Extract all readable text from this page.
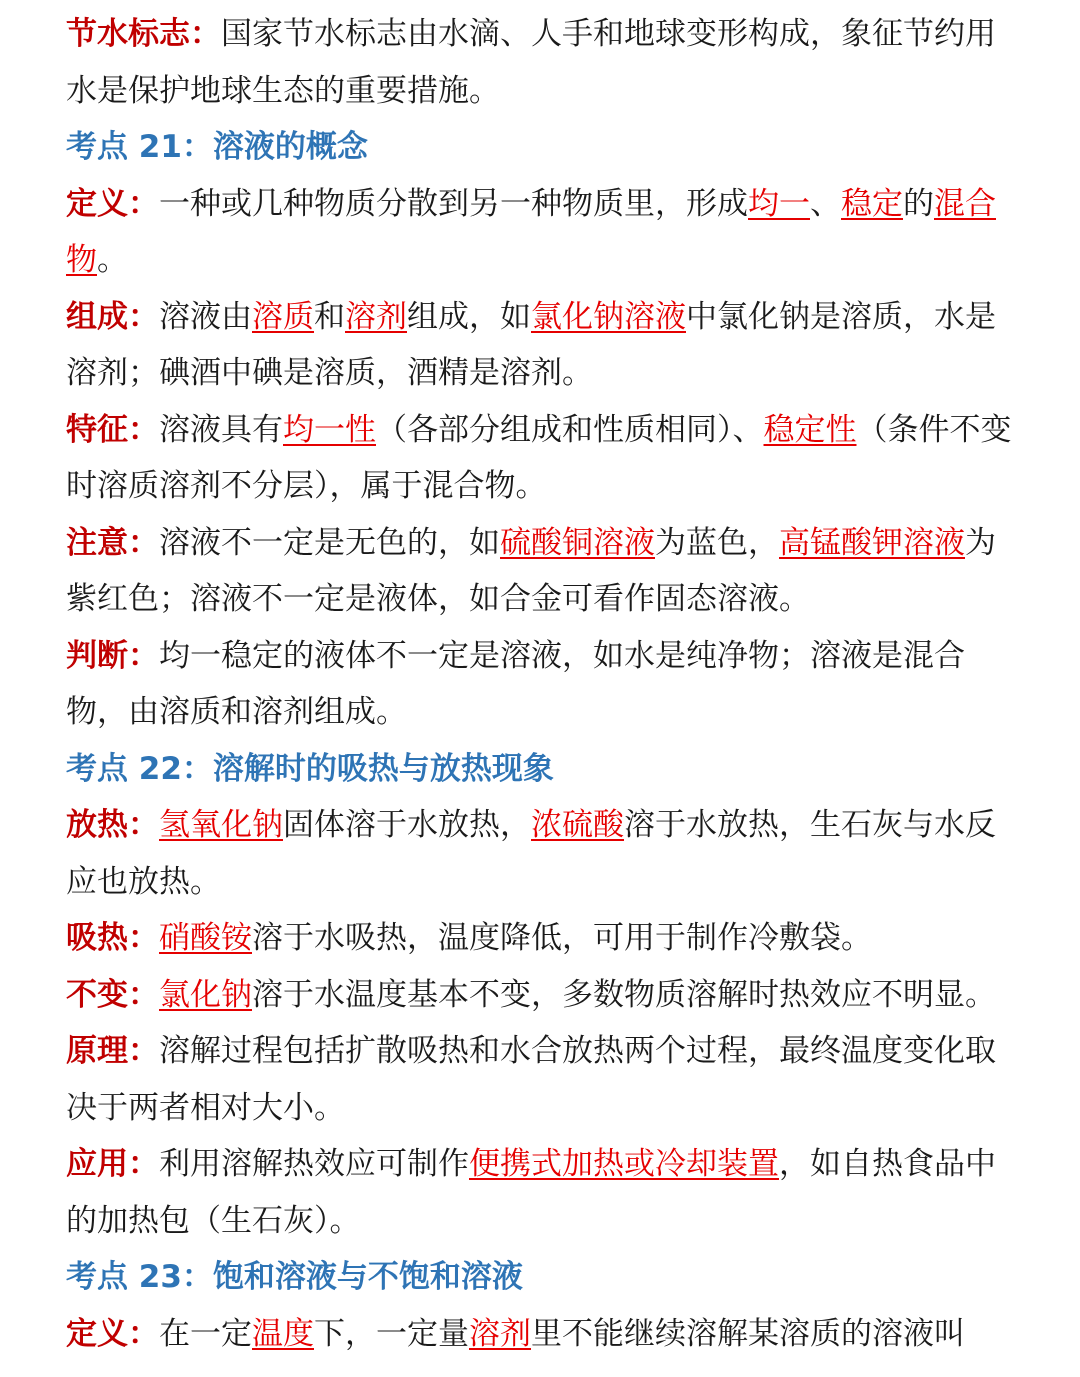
节水标志：国家节水标志由水滴、人手和地球变形构成，象征节约用水是保护地球生态的重要措施。
考点 21：溶液的概念
定义：一种或几种物质分散到另一种物质里，形成均一、稳定的混合物。
组成：溶液由溶质和溶剂组成，如氯化钠溶液中氯化钠是溶质，水是溶剂；碘酒中碘是溶质，酒精是溶剂。
特征：溶液具有均一性（各部分组成和性质相同）、稳定性（条件不变时溶质溶剂不分层），属于混合物。
注意：溶液不一定是无色的，如硫酸铜溶液为蓝色，高锰酸钾溶液为紫红色；溶液不一定是液体，如合金可看作固态溶液。
判断：均一稳定的液体不一定是溶液，如水是纯净物；溶液是混合物，由溶质和溶剂组成。
考点 22：溶解时的吸热与放热现象
放热：氢氧化钠固体溶于水放热，浓硫酸溶于水放热，生石灰与水反应也放热。
吸热：硝酸铵溶于水吸热，温度降低，可用于制作冷敷袋。
不变：氯化钠溶于水温度基本不变，多数物质溶解时热效应不明显。
原理：溶解过程包括扩散吸热和水合放热两个过程，最终温度变化取决于两者相对大小。
应用：利用溶解热效应可制作便携式加热或冷却装置，如自热食品中的加热包（生石灰）。
考点 23：饱和溶液与不饱和溶液
定义：在一定温度下，一定量溶剂里不能继续溶解某溶质的溶液叫
